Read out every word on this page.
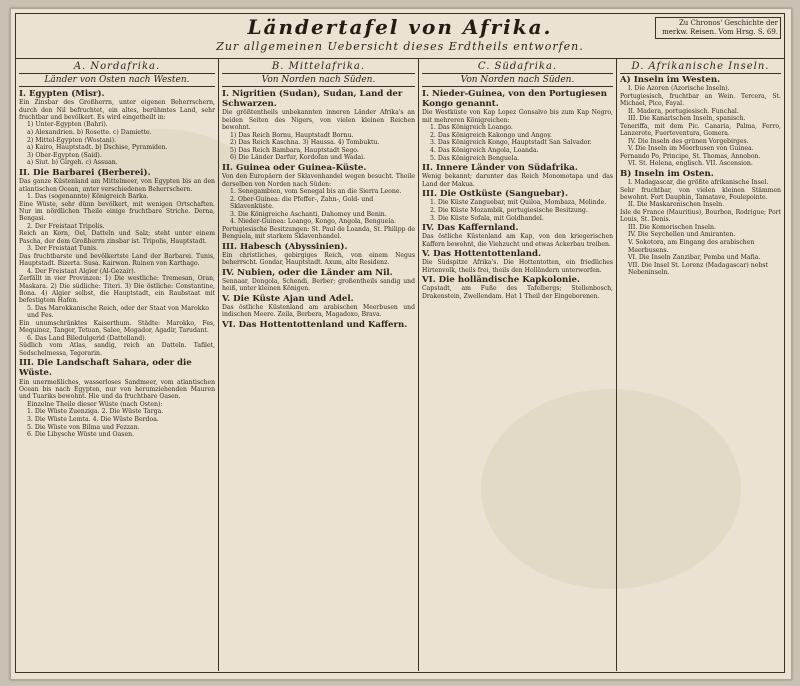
Ländertafel von Afrika.
Zur allgemeinen Uebersicht dieses Erdtheils entworfen.
Zu Chronos' Geschichte der merkw. Reisen. Vom Hrsg. S. 69.
A. Nordafrika.
Länder von Osten nach Westen.
I. Egypten (Misr).
Ein Zinsbar des Großherrn, unter eigenen Beherrschern, durch den Nil befruchtet, ein altes, berühmtes Land, sehr fruchtbar und bevölkert. Es wird eingetheilt in:
1) Unter-Egypten (Bahri).
a) Alexandrien. b) Rosette. c) Damiette.
2) Mittel-Egypten (Wostani).
a) Kairo, Hauptstadt. b) Dschise, Pyramiden.
3) Ober-Egypten (Said).
a) Siut. b) Girgeh. c) Assuan.
II. Die Barbarei (Berberei).
Das ganze Küstenland am Mittelmeer, von Egypten bis an den atlantischen Ocean, unter verschiedenen Beherrschern.
1. Das (sogenannte) Königreich Barka.
Eine Wüste, sehr dünn bevölkert, mit wenigen Ortschaften. Nur im nördlichen Theile einige fruchtbare Striche. Derna, Bengasi.
2. Der Freistaat Tripolis.
Reich an Korn, Oel, Datteln und Salz; steht unter einem Pascha, der dem Großherrn zinsbar ist. Tripolis, Hauptstadt.
3. Der Freistaat Tunis.
Das fruchtbarste und bevölkertste Land der Barbarei. Tunis, Hauptstadt. Bizerta. Susa. Kairwan. Ruinen von Karthago.
4. Der Freistaat Algier (Al-Gezair).
Zerfällt in vier Provinzen: 1) Die westliche: Tremesan, Oran, Maskara. 2) Die südliche: Titeri. 3) Die östliche: Constantine, Bona. 4) Algier selbst, die Hauptstadt, ein Raubstaat mit befestigtem Hafen.
5. Das Marokkanische Reich, oder der Staat von Marokko und Fes.
Ein unumschränktes Kaiserthum. Städte: Marokko, Fes, Mequinez, Tanger, Tetuan, Salee, Mogador, Agadir, Tarudant.
6. Das Land Biledulgerid (Dattelland).
Südlich vom Atlas, sandig, reich an Datteln. Tafilet, Sedschelmessa, Tegorarin.
III. Die Landschaft Sahara, oder die Wüste.
Ein unermeßliches, wasserloses Sandmeer, vom atlantischen Ocean bis nach Egypten, nur von herumziehenden Mauren und Tuariks bewohnt. Hie und da fruchtbare Oasen.
Einzelne Theile dieser Wüste (nach Osten):
1. Die Wüste Zuenziga. 2. Die Wüste Targa.
3. Die Wüste Lemta. 4. Die Wüste Berdoa.
5. Die Wüste von Bilma und Fezzan.
6. Die Libysche Wüste und Oasen.
B. Mittelafrika.
Von Norden nach Süden.
I. Nigritien (Sudan), Sudan, Land der Schwarzen.
Die größtentheils unbekannten inneren Länder Afrika's an beiden Seiten des Nigers, von vielen kleinen Reichen bewohnt.
1) Das Reich Bornu, Hauptstadt Bornu.
2) Das Reich Kaschna. 3) Haussa. 4) Tombuktu.
5) Das Reich Bambara, Hauptstadt Sego.
6) Die Länder Darfur, Kordofan und Wadai.
II. Guinea oder Guinea-Küste.
Von den Europäern der Sklavenhandel wegen besucht. Theile derselben von Norden nach Süden:
1. Senegambien, vom Senegal bis an die Sierra Leone.
2. Ober-Guinea: die Pfeffer-, Zahn-, Gold- und Sklavenküste.
3. Die Königreiche Aschanti, Dahomey und Benin.
4. Nieder-Guinea: Loango, Kongo, Angola, Benguela.
Portugiesische Besitzungen: St. Paul de Loanda, St. Philipp de Benguela, mit starkem Sklavenhandel.
III. Habesch (Abyssinien).
Ein christliches, gebirgiges Reich, von einem Negus beherrscht. Gondar, Hauptstadt. Axum, alte Residenz.
IV. Nubien, oder die Länder am Nil.
Sennaar, Dongola, Schendi, Berber; großentheils sandig und heiß, unter kleinen Königen.
V. Die Küste Ajan und Adel.
Das östliche Küstenland am arabischen Meerbusen und indischen Meere. Zeila, Berbera, Magadoxo, Brava.
VI. Das Hottentottenland und Kaffern.
C. Südafrika.
Von Norden nach Süden.
I. Nieder-Guinea, von den Portugiesen Kongo genannt.
Die Westküste von Kap Lopez Gonsalvo bis zum Kap Negro, mit mehreren Königreichen:
1. Das Königreich Loango.
2. Das Königreich Kakongo und Angoy.
3. Das Königreich Kongo, Hauptstadt San Salvador.
4. Das Königreich Angola, Loanda.
5. Das Königreich Benguela.
II. Innere Länder von Südafrika.
Wenig bekannt; darunter das Reich Monomotapa und das Land der Makua.
III. Die Ostküste (Sanguebar).
1. Die Küste Zanguebar, mit Quiloa, Mombaza, Melinde.
2. Die Küste Mozambik, portugiesische Besitzung.
3. Die Küste Sofala, mit Goldhandel.
IV. Das Kaffernland.
Das östliche Küstenland am Kap, von den kriegerischen Kaffern bewohnt, die Viehzucht und etwas Ackerbau treiben.
V. Das Hottentottenland.
Die Südspitze Afrika's. Die Hottentotten, ein friedliches Hirtenvolk, theils frei, theils den Holländern unterworfen.
VI. Die holländische Kapkolonie.
Capstadt, am Fuße des Tafelbergs; Stellenbosch, Drakenstein, Zwellendam. Hat 1 Theil der Eingeborenen.
D. Afrikanische Inseln.
A) Inseln im Westen.
I. Die Azoren (Azorische Inseln).
Portugiesisch, fruchtbar an Wein. Tercera, St. Michael, Pico, Fayal.
II. Madera, portugiesisch. Funchal.
III. Die Kanarischen Inseln, spanisch.
Teneriffa, mit dem Pic. Canaria, Palma, Ferro, Lanzerote, Fuerteventura, Gomera.
IV. Die Inseln des grünen Vorgebirges.
V. Die Inseln im Meerbusen von Guinea.
Fernando Po, Principe, St. Thomas, Annobon.
VI. St. Helena, englisch. VII. Ascension.
B) Inseln im Osten.
I. Madagascar, die größte afrikanische Insel.
Sehr fruchtbar, von vielen kleinen Stämmen bewohnt. Fort Dauphin, Tamatave, Foulepointe.
II. Die Maskarenischen Inseln.
Isle de France (Mauritius), Bourbon, Rodrigue; Port Louis, St. Denis.
III. Die Komorischen Inseln.
IV. Die Seychellen und Amiranten.
V. Sokotora, am Eingang des arabischen Meerbusens.
VI. Die Inseln Zanzibar, Pemba und Mafia.
VII. Die Insel St. Lorenz (Madagascar) nebst Nebeninseln.
